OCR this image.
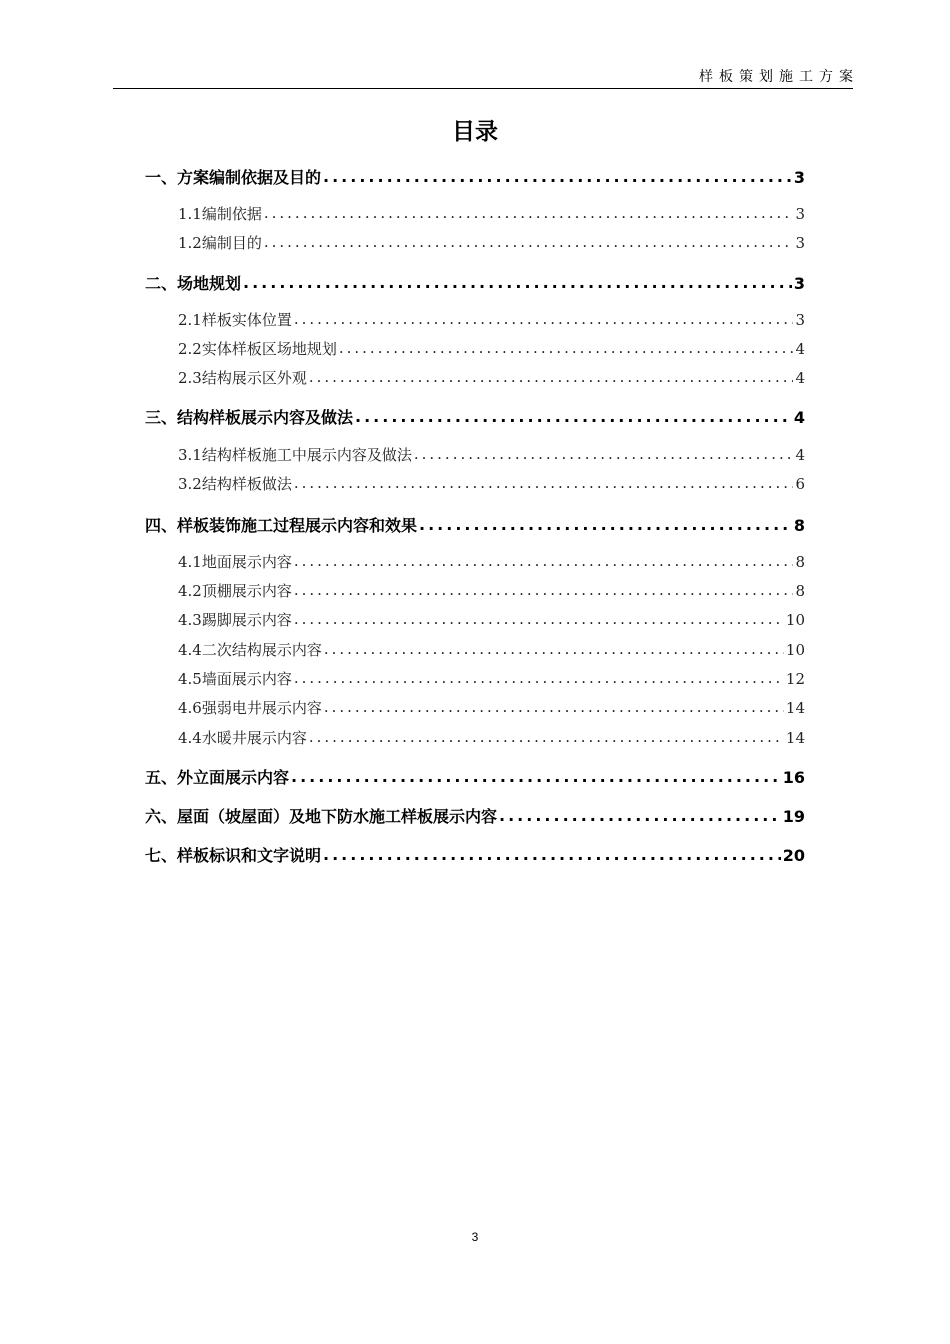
样板策划施工方案
目录
一、方案编制依据及目的 .....	3
1.1编制依据 .....	3
1.2编制目的 .....	3
二、场地规划 .....	3
2.1样板实体位置 .....	3
2.2实体样板区场地规划 .....	4
2.3结构展示区外观 .....	4
三、结构样板展示内容及做法 .....	4
3.1结构样板施工中展示内容及做法 .....	4
3.2结构样板做法 .....	6
四、样板装饰施工过程展示内容和效果 .....	8
4.1地面展示内容 .....	8
4.2顶棚展示内容 .....	8
4.3踢脚展示内容 .....	10
4.4二次结构展示内容 .....	10
4.5墙面展示内容 .....	12
4.6强弱电井展示内容 .....	14
4.4水暖井展示内容 .....	14
五、外立面展示内容 .....	16
六、屋面（坡屋面）及地下防水施工样板展示内容 .....	19
七、样板标识和文字说明 .....	20
3
